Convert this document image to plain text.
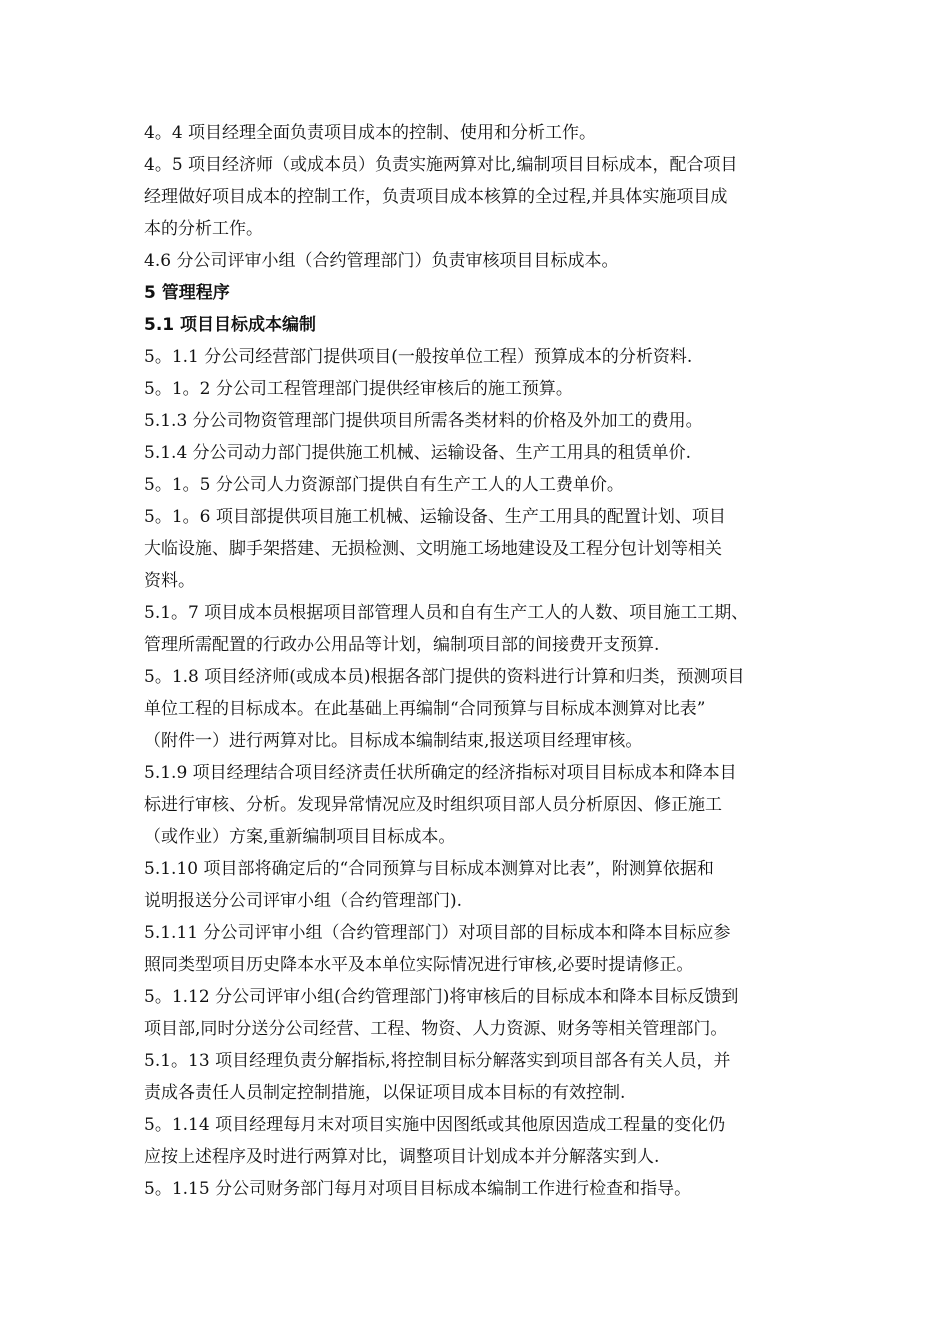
4。4 项目经理全面负责项目成本的控制、使用和分析工作。

4。5 项目经济师（或成本员）负责实施两算对比,编制项目目标成本，配合项目
经理做好项目成本的控制工作，负责项目成本核算的全过程,并具体实施项目成
本的分析工作。

4.6 分公司评审小组（合约管理部门）负责审核项目目标成本。

5 管理程序

5.1 项目目标成本编制

5。1.1 分公司经营部门提供项目(一般按单位工程）预算成本的分析资料.

5。1。2 分公司工程管理部门提供经审核后的施工预算。

5.1.3 分公司物资管理部门提供项目所需各类材料的价格及外加工的费用。

5.1.4 分公司动力部门提供施工机械、运输设备、生产工用具的租赁单价.

5。1。5 分公司人力资源部门提供自有生产工人的人工费单价。

5。1。6 项目部提供项目施工机械、运输设备、生产工用具的配置计划、项目
大临设施、脚手架搭建、无损检测、文明施工场地建设及工程分包计划等相关
资料。

5.1。7 项目成本员根据项目部管理人员和自有生产工人的人数、项目施工工期、
管理所需配置的行政办公用品等计划，编制项目部的间接费开支预算.

5。1.8 项目经济师(或成本员)根据各部门提供的资料进行计算和归类，预测项目
单位工程的目标成本。在此基础上再编制“合同预算与目标成本测算对比表”
（附件一）进行两算对比。目标成本编制结束,报送项目经理审核。

5.1.9 项目经理结合项目经济责任状所确定的经济指标对项目目标成本和降本目
标进行审核、分析。发现异常情况应及时组织项目部人员分析原因、修正施工
（或作业）方案,重新编制项目目标成本。

5.1.10 项目部将确定后的“合同预算与目标成本测算对比表”，附测算依据和
说明报送分公司评审小组（合约管理部门).

5.1.11 分公司评审小组（合约管理部门）对项目部的目标成本和降本目标应参
照同类型项目历史降本水平及本单位实际情况进行审核,必要时提请修正。

5。1.12 分公司评审小组(合约管理部门)将审核后的目标成本和降本目标反馈到
项目部,同时分送分公司经营、工程、物资、人力资源、财务等相关管理部门。

5.1。13 项目经理负责分解指标,将控制目标分解落实到项目部各有关人员，并
责成各责任人员制定控制措施，以保证项目成本目标的有效控制.

5。1.14 项目经理每月末对项目实施中因图纸或其他原因造成工程量的变化仍
应按上述程序及时进行两算对比，调整项目计划成本并分解落实到人.

5。1.15 分公司财务部门每月对项目目标成本编制工作进行检查和指导。
